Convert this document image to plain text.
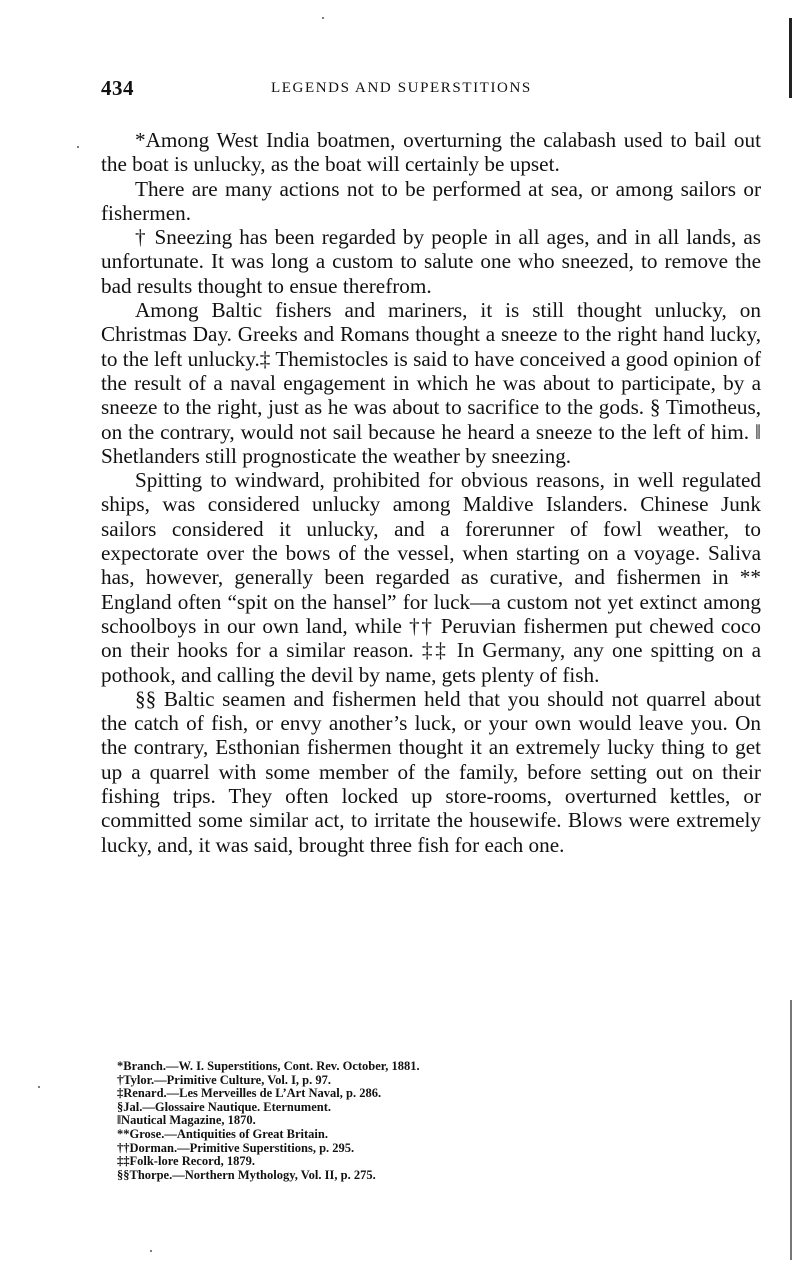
434	LEGENDS AND SUPERSTITIONS

*Among West India boatmen, overturning the calabash used to bail out the boat is unlucky, as the boat will certainly be upset.

There are many actions not to be performed at sea, or among sailors or fishermen.

† Sneezing has been regarded by people in all ages, and in all lands, as unfortunate. It was long a custom to salute one who sneezed, to remove the bad results thought to ensue therefrom.

Among Baltic fishers and mariners, it is still thought unlucky, on Christmas Day. Greeks and Romans thought a sneeze to the right hand lucky, to the left unlucky.‡ Themistocles is said to have conceived a good opinion of the result of a naval engagement in which he was about to participate, by a sneeze to the right, just as he was about to sacrifice to the gods. § Timotheus, on the contrary, would not sail because he heard a sneeze to the left of him. ‖ Shetlanders still prognosticate the weather by sneezing.

Spitting to windward, prohibited for obvious reasons, in well regulated ships, was considered unlucky among Maldive Islanders. Chinese Junk sailors considered it unlucky, and a forerunner of fowl weather, to expectorate over the bows of the vessel, when starting on a voyage. Saliva has, however, generally been regarded as curative, and fishermen in ** England often “spit on the hansel” for luck—a custom not yet extinct among schoolboys in our own land, while †† Peruvian fishermen put chewed coco on their hooks for a similar reason. ‡‡ In Germany, any one spitting on a pothook, and calling the devil by name, gets plenty of fish.

§§ Baltic seamen and fishermen held that you should not quarrel about the catch of fish, or envy another’s luck, or your own would leave you. On the contrary, Esthonian fishermen thought it an extremely lucky thing to get up a quarrel with some member of the family, before setting out on their fishing trips. They often locked up store-rooms, overturned kettles, or committed some similar act, to irritate the housewife. Blows were extremely lucky, and, it was said, brought three fish for each one.

*Branch.—W. I. Superstitions, Cont. Rev. October, 1881.
†Tylor.—Primitive Culture, Vol. I, p. 97.
‡Renard.—Les Merveilles de L’Art Naval, p. 286.
§Jal.—Glossaire Nautique. Eternument.
‖Nautical Magazine, 1870.
**Grose.—Antiquities of Great Britain.
††Dorman.—Primitive Superstitions, p. 295.
‡‡Folk-lore Record, 1879.
§§Thorpe.—Northern Mythology, Vol. II, p. 275.
